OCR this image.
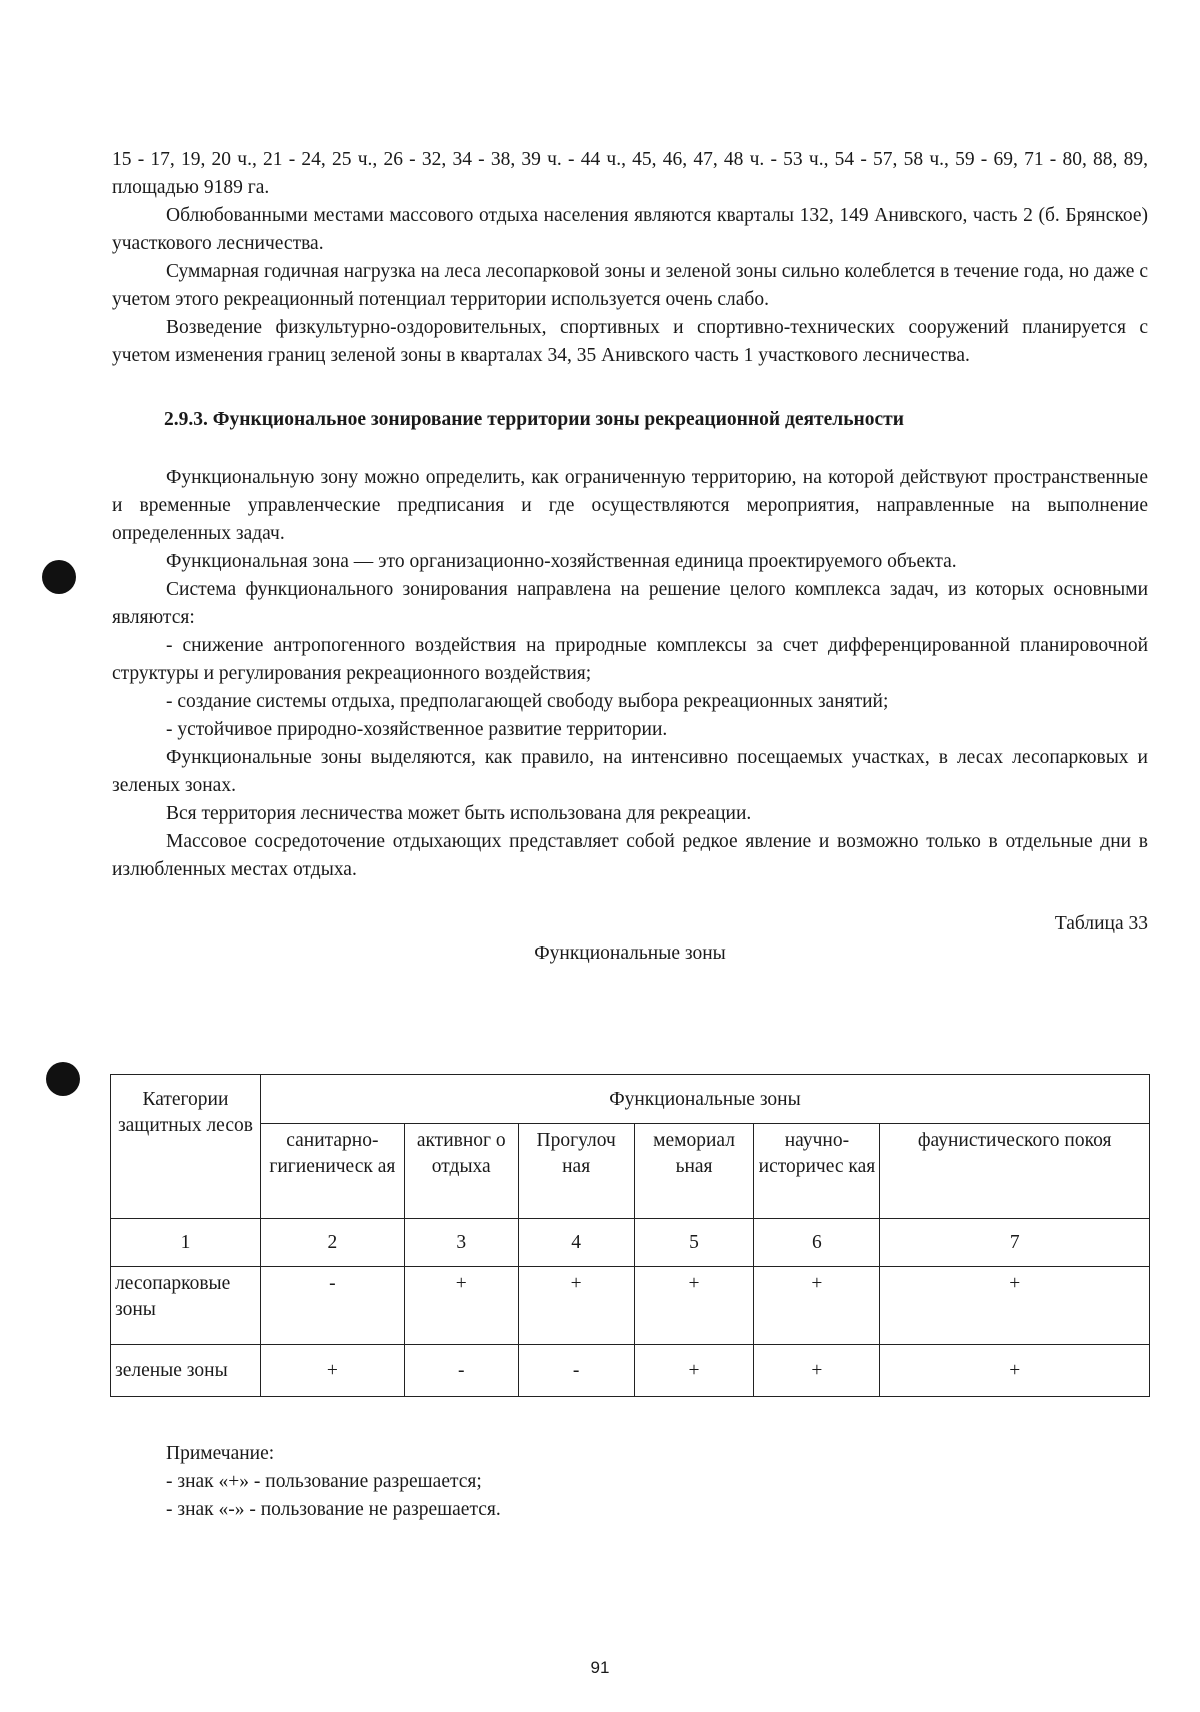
15 - 17, 19, 20 ч., 21 - 24, 25 ч., 26 - 32, 34 - 38, 39 ч. - 44 ч., 45, 46, 47, 48 ч. - 53 ч., 54 - 57, 58 ч., 59 - 69, 71 - 80, 88, 89, площадью 9189 га.

Облюбованными местами массового отдыха населения являются кварталы 132, 149 Анивского, часть 2 (б. Брянское) участкового лесничества.

Суммарная годичная нагрузка на леса лесопарковой зоны и зеленой зоны сильно колеблется в течение года, но даже с учетом этого рекреационный потенциал территории используется очень слабо.

Возведение физкультурно-оздоровительных, спортивных и спортивно-технических сооружений планируется с учетом изменения границ зеленой зоны в кварталах 34, 35 Анивского часть 1 участкового лесничества.

2.9.3. Функциональное зонирование территории зоны рекреационной деятельности

Функциональную зону можно определить, как ограниченную территорию, на которой действуют пространственные и временные управленческие предписания и где осуществляются мероприятия, направленные на выполнение определенных задач.

Функциональная зона — это организационно-хозяйственная единица проектируемого объекта.

Система функционального зонирования направлена на решение целого комплекса задач, из которых основными являются:

- снижение антропогенного воздействия на природные комплексы за счет дифференцированной планировочной структуры и регулирования рекреационного воздействия;

- создание системы отдыха, предполагающей свободу выбора рекреационных занятий;

- устойчивое природно-хозяйственное развитие территории.

Функциональные зоны выделяются, как правило, на интенсивно посещаемых участках, в лесах лесопарковых и зеленых зонах.

Вся территория лесничества может быть использована для рекреации.

Массовое сосредоточение отдыхающих представляет собой редкое явление и возможно только в отдельные дни в излюбленных местах отдыха.

Таблица 33

Функциональные зоны

Категории защитных лесов	Функциональные зоны					
	санитарно-гигиеническ ая	активног о отдыха	Прогулоч ная	мемориал ьная	научно-историчес кая	фаунистического покоя
1	2	3	4	5	6	7
лесопарковые зоны	-	+	+	+	+	+
зеленые зоны	+	-	-	+	+	+

Примечание:

- знак «+» - пользование разрешается;

- знак «-» - пользование не разрешается.

91
